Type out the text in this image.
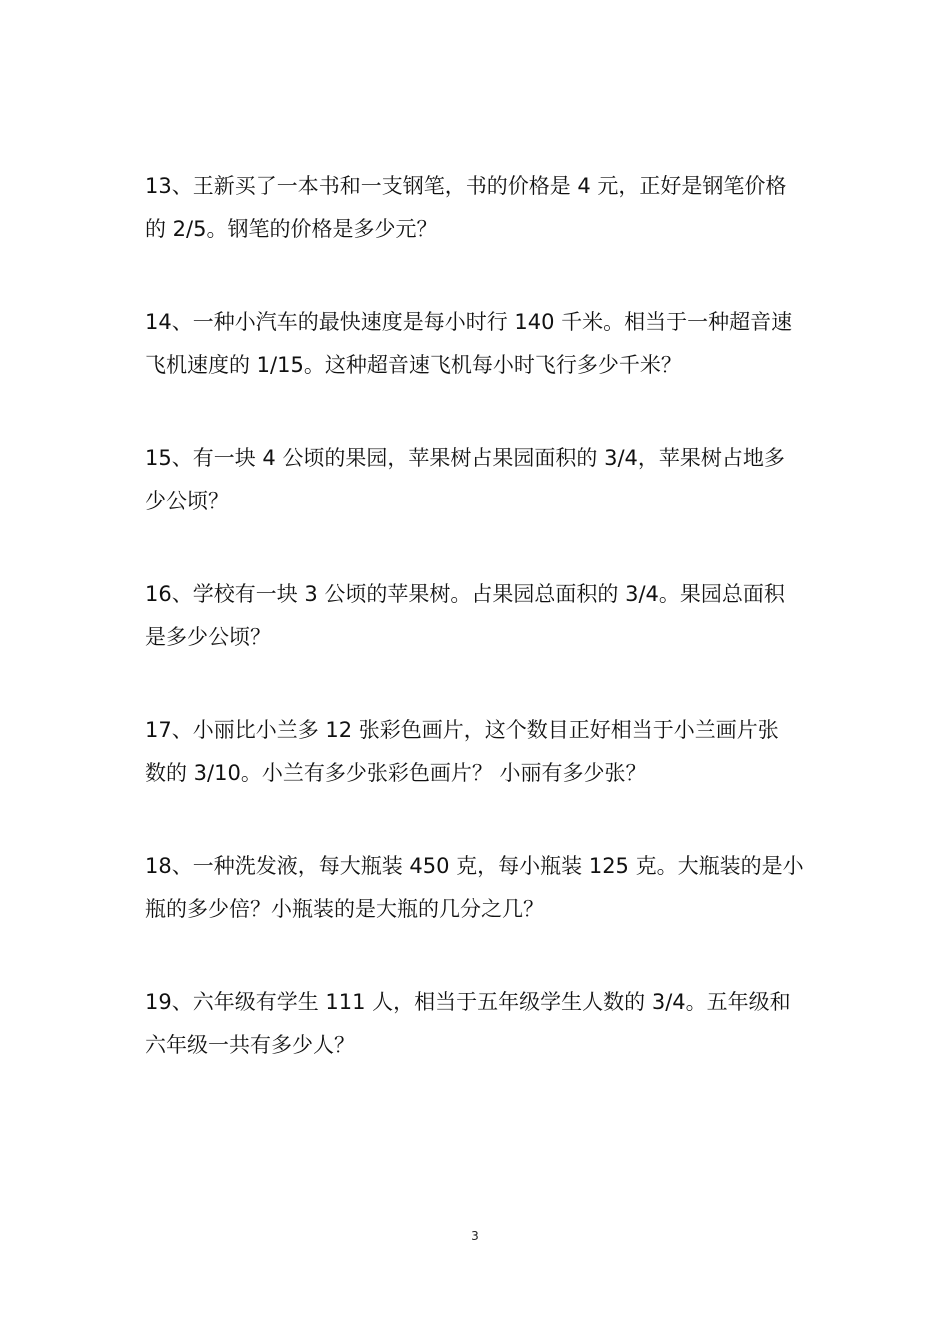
13、王新买了一本书和一支钢笔，书的价格是 4 元，正好是钢笔价格
的 2/5。钢笔的价格是多少元？
14、一种小汽车的最快速度是每小时行 140 千米。相当于一种超音速
飞机速度的 1/15。这种超音速飞机每小时飞行多少千米？
15、有一块 4 公顷的果园，苹果树占果园面积的 3/4，苹果树占地多
少公顷？
16、学校有一块 3 公顷的苹果树。占果园总面积的 3/4。果园总面积
是多少公顷？
17、小丽比小兰多 12 张彩色画片，这个数目正好相当于小兰画片张
数的 3/10。小兰有多少张彩色画片？ 小丽有多少张？
18、一种洗发液，每大瓶装 450 克，每小瓶装 125 克。大瓶装的是小
瓶的多少倍？小瓶装的是大瓶的几分之几？
19、六年级有学生 111 人，相当于五年级学生人数的 3/4。五年级和
六年级一共有多少人？
3
